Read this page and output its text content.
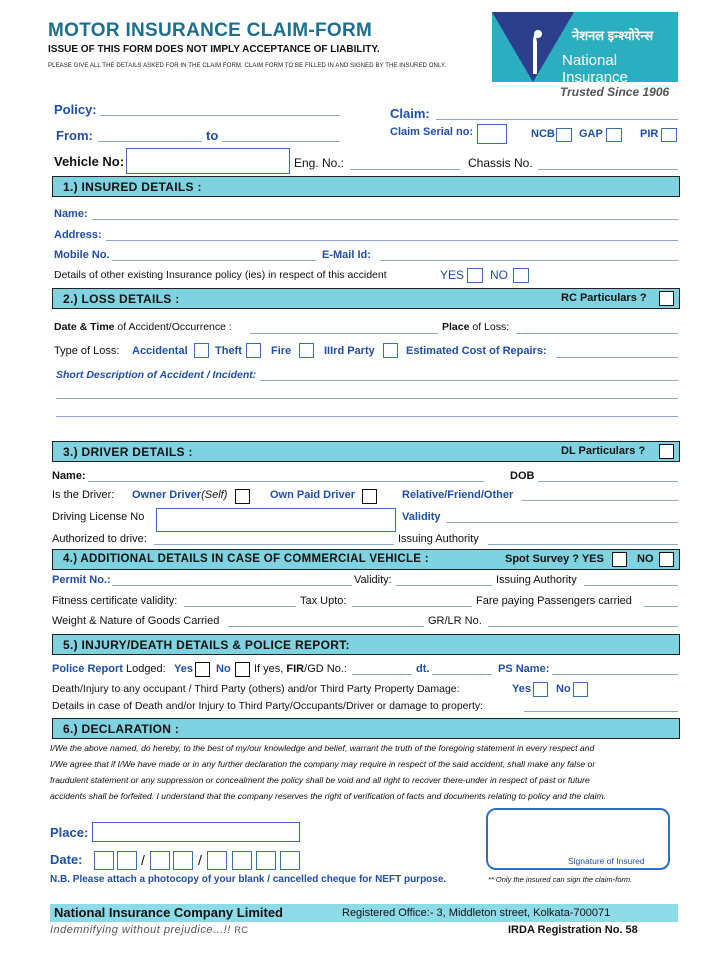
MOTOR INSURANCE CLAIM-FORM
ISSUE OF THIS FORM DOES NOT IMPLY ACCEPTANCE OF LIABILITY.
PLEASE GIVE ALL THE DETAILS ASKED FOR IN THE CLAIM FORM. CLAIM FORM TO BE FILLED IN AND SIGNED BY THE INSURED ONLY.
नेशनल इन्श्योरेन्स
National Insurance
Trusted Since 1906
Policy:	Claim:
From:	to	Claim Serial no:	NCB GAP	PIR
Vehicle No:	Eng. No.:	Chassis No.
1.) INSURED DETAILS :
Name:
Address:
Mobile No.	E-Mail Id:
Details of other existing Insurance policy (ies) in respect of this accident	YES NO
2.) LOSS DETAILS :	RC Particulars ?
Date & Time of Accident/Occurrence :	Place of Loss:
Type of Loss: Accidental Theft	Fire	IIIrd Party	Estimated Cost of Repairs:
Short Description of Accident / Incident:
3.) DRIVER DETAILS :	DL Particulars ?
Name:	DOB
Is the Driver: Owner Driver(Self)	Own Paid Driver	Relative/Friend/Other
Driving License No	Validity
Authorized to drive:	Issuing Authority
4.) ADDITIONAL DETAILS IN CASE OF COMMERCIAL VEHICLE :	Spot Survey ? YES	NO
Permit No.:	Validity:	Issuing Authority
Fitness certificate validity:	Tax Upto:	Fare paying Passengers carried
Weight & Nature of Goods Carried	GR/LR No.
5.) INJURY/DEATH DETAILS & POLICE REPORT:
Police Report Lodged: Yes No If yes, FIR/GD No.:	dt.	PS Name:
Death/Injury to any occupant / Third Party (others) and/or Third Party Property Damage:	Yes No
Details in case of Death and/or Injury to Third Party/Occupants/Driver or damage to property:
6.) DECLARATION :
I/We the above named, do hereby, to the best of my/our knowledge and belief, warrant the truth of the foregoing statement in every respect and
I/We agree that if I/We have made or in any further declaration the company may require in respect of the said accident, shall make any false or
fraudulent statement or any suppression or concealment the policy shall be void and all right to recover there-under in respect of past or future
accidents shall be forfeited. I understand that the company reserves the right of verification of facts and documents relating to policy and the claim.
Place:
Date:	/	/	Signature of Insured
N.B. Please attach a photocopy of your blank / cancelled cheque for NEFT purpose.	** Only the insured can sign the claim-form.
National Insurance Company Limited	Registered Office:- 3, Middleton street, Kolkata-700071
Indemnifying without prejudice...!! RC	IRDA Registration No. 58
